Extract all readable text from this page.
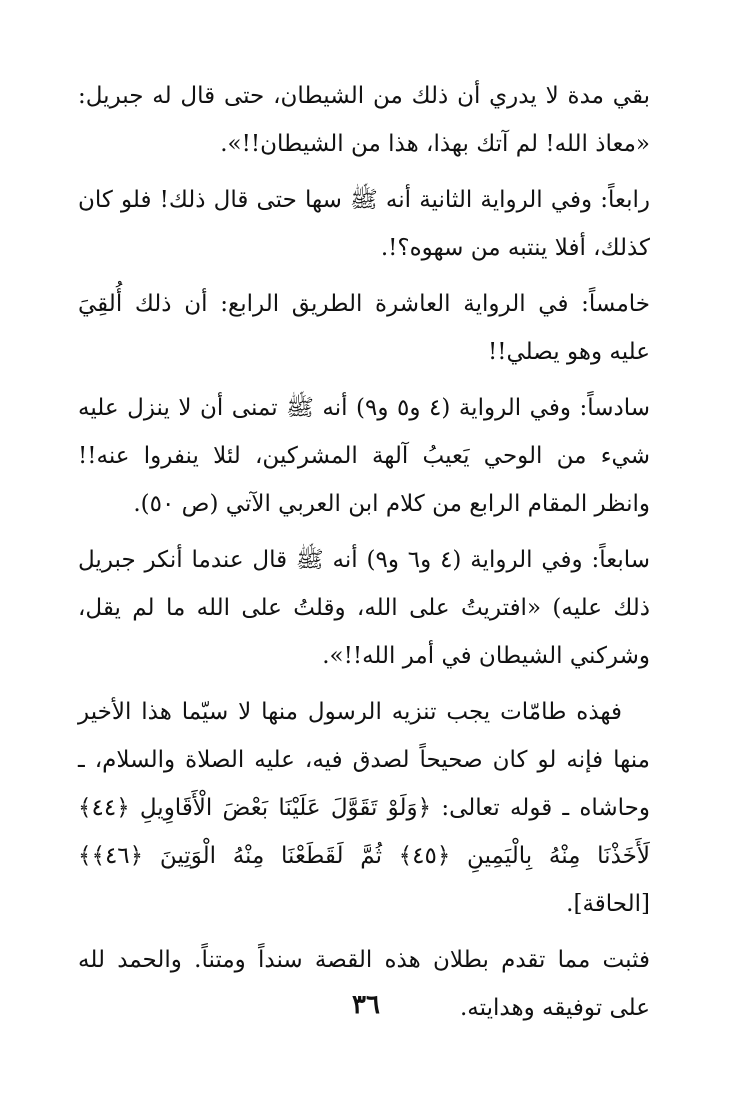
بقي مدة لا يدري أن ذلك من الشيطان، حتى قال له جبريل: «معاذ الله! لم آتك بهذا، هذا من الشيطان!!».

رابعاً: وفي الرواية الثانية أنه ﷺ سها حتى قال ذلك! فلو كان كذلك، أفلا ينتبه من سهوه؟!.

خامساً: في الرواية العاشرة الطريق الرابع: أن ذلك أُلقِيَ عليه وهو يصلي!!

سادساً: وفي الرواية (٤ و٥ و٩) أنه ﷺ تمنى أن لا ينزل عليه شيء من الوحي يَعيبُ آلهة المشركين، لئلا ينفروا عنه!! وانظر المقام الرابع من كلام ابن العربي الآتي (ص ٥٠).

سابعاً: وفي الرواية (٤ و٦ و٩) أنه ﷺ قال عندما أنكر جبريل ذلك عليه) «افتريتُ على الله، وقلتُ على الله ما لم يقل، وشركني الشيطان في أمر الله!!».

فهذه طامّات يجب تنزيه الرسول منها لا سيّما هذا الأخير منها فإنه لو كان صحيحاً لصدق فيه، عليه الصلاة والسلام، ـ وحاشاه ـ قوله تعالى: ﴿وَلَوْ تَقَوَّلَ عَلَيْنَا بَعْضَ الْأَقَاوِيلِ ﴿٤٤﴾ لَأَخَذْنَا مِنْهُ بِالْيَمِينِ ﴿٤٥﴾ ثُمَّ لَقَطَعْنَا مِنْهُ الْوَتِينَ ﴿٤٦﴾﴾ [الحاقة].

فثبت مما تقدم بطلان هذه القصة سنداً ومتناً. والحمد لله على توفيقه وهدايته.

٣٦
